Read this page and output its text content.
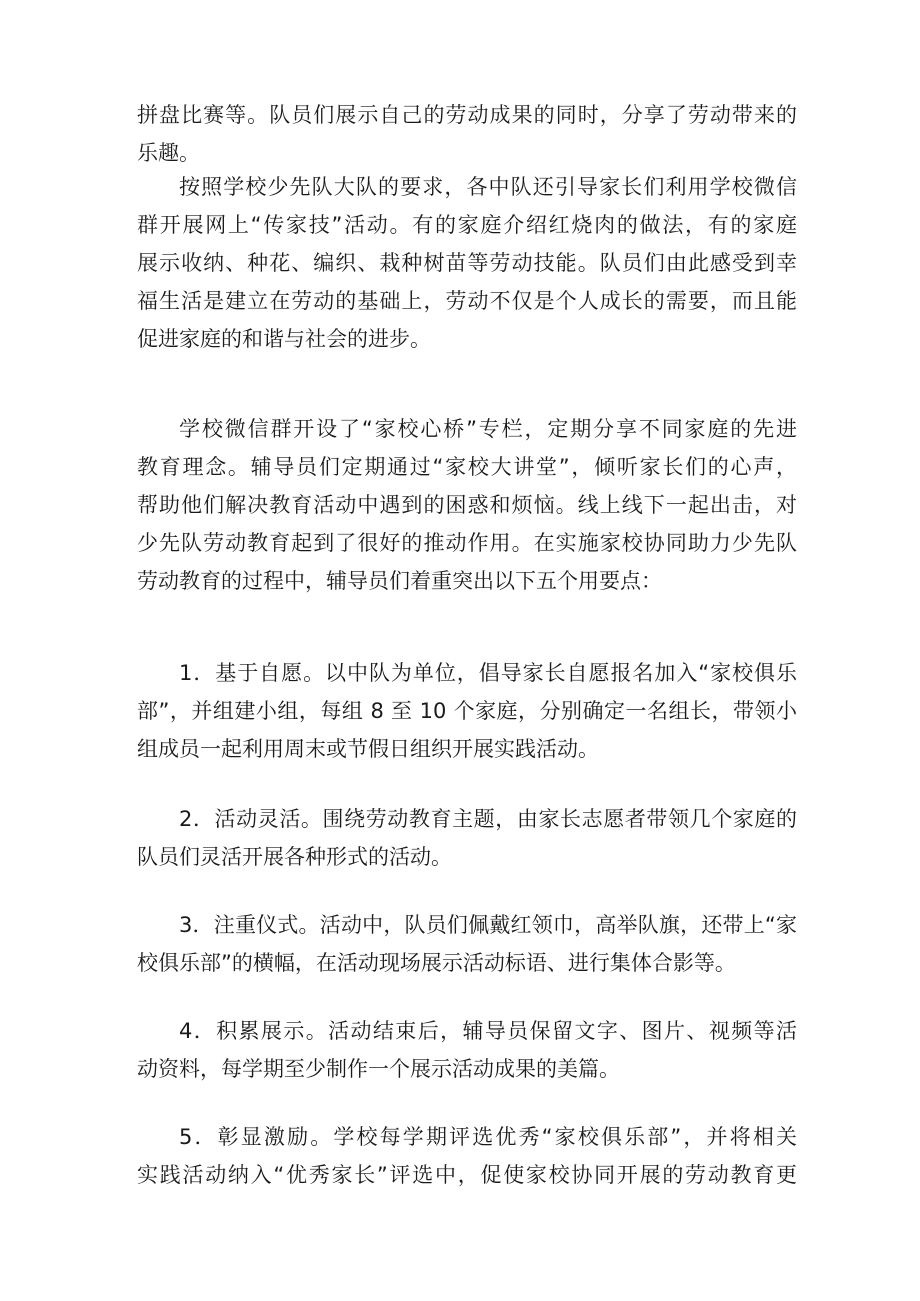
拼盘比赛等。队员们展示自己的劳动成果的同时，分享了劳动带来的
乐趣。

按照学校少先队大队的要求，各中队还引导家长们利用学校微信
群开展网上“传家技”活动。有的家庭介绍红烧肉的做法，有的家庭
展示收纳、种花、编织、栽种树苗等劳动技能。队员们由此感受到幸
福生活是建立在劳动的基础上，劳动不仅是个人成长的需要，而且能
促进家庭的和谐与社会的进步。

学校微信群开设了“家校心桥”专栏，定期分享不同家庭的先进
教育理念。辅导员们定期通过“家校大讲堂”，倾听家长们的心声，
帮助他们解决教育活动中遇到的困惑和烦恼。线上线下一起出击，对
少先队劳动教育起到了很好的推动作用。在实施家校协同助力少先队
劳动教育的过程中，辅导员们着重突出以下五个用要点：

1．基于自愿。以中队为单位，倡导家长自愿报名加入“家校俱乐
部”，并组建小组，每组 8 至 10 个家庭，分别确定一名组长，带领小
组成员一起利用周末或节假日组织开展实践活动。

2．活动灵活。围绕劳动教育主题，由家长志愿者带领几个家庭的
队员们灵活开展各种形式的活动。

3．注重仪式。活动中，队员们佩戴红领巾，高举队旗，还带上“家
校俱乐部”的横幅，在活动现场展示活动标语、进行集体合影等。

4．积累展示。活动结束后，辅导员保留文字、图片、视频等活
动资料，每学期至少制作一个展示活动成果的美篇。

5．彰显激励。学校每学期评选优秀“家校俱乐部”，并将相关
实践活动纳入“优秀家长”评选中，促使家校协同开展的劳动教育更
